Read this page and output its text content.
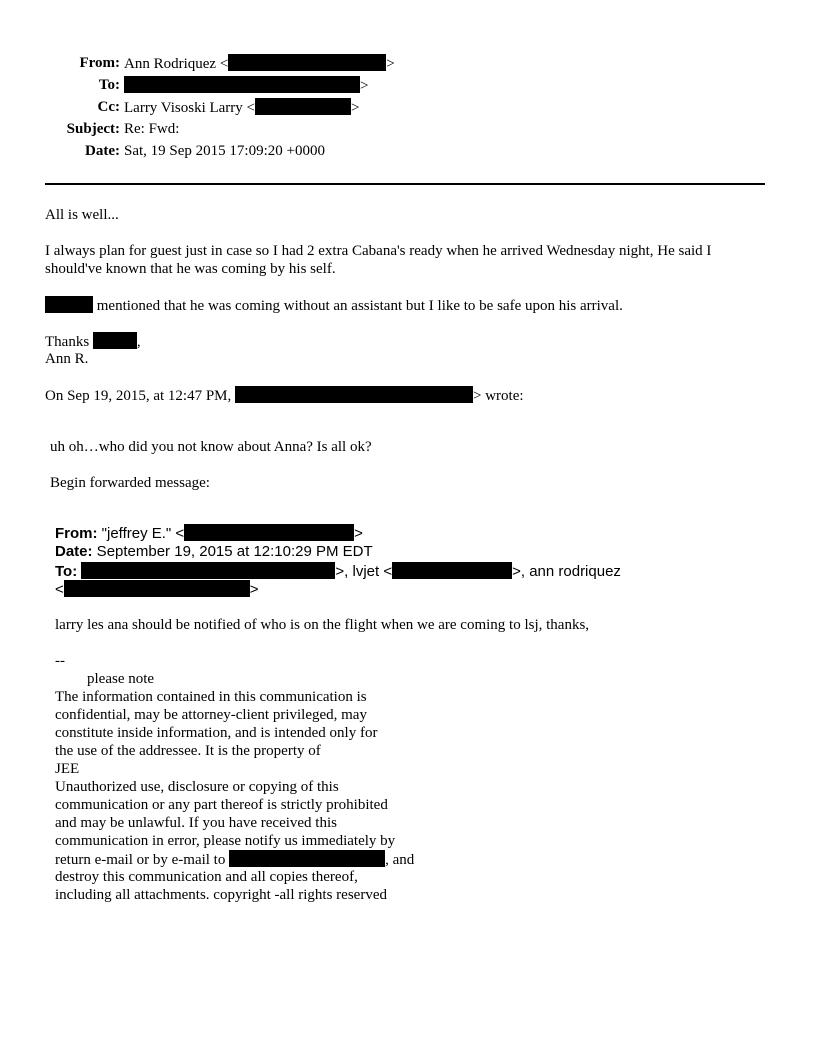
From: Ann Rodriquez <	>
To:	>
Cc: Larry Visoski Larry <	>
Subject: Re: Fwd:
Date: Sat, 19 Sep 2015 17:09:20 +0000
All is well...
I always plan for guest just in case so I had 2 extra Cabana's ready when he arrived Wednesday night, He said I should've known that he was coming by his self.
mentioned that he was coming without an assistant but I like to be safe upon his arrival.
Thanks	,
Ann R.
On Sep 19, 2015, at 12:47 PM,	> wrote:
uh oh…who did you not know about Anna? Is all ok?
Begin forwarded message:
From: "jeffrey E." <	>
Date: September 19, 2015 at 12:10:29 PM EDT
To:	>, lvjet <	>, ann rodriquez
<	>
larry les ana should be notified of who is on the flight when we are coming to lsj, thanks,
--
please note
The information contained in this communication is
confidential, may be attorney-client privileged, may
constitute inside information, and is intended only for
the use of the addressee. It is the property of
JEE
Unauthorized use, disclosure or copying of this
communication or any part thereof is strictly prohibited
and may be unlawful. If you have received this
communication in error, please notify us immediately by
return e-mail or by e-mail to	, and
destroy this communication and all copies thereof,
including all attachments. copyright -all rights reserved
